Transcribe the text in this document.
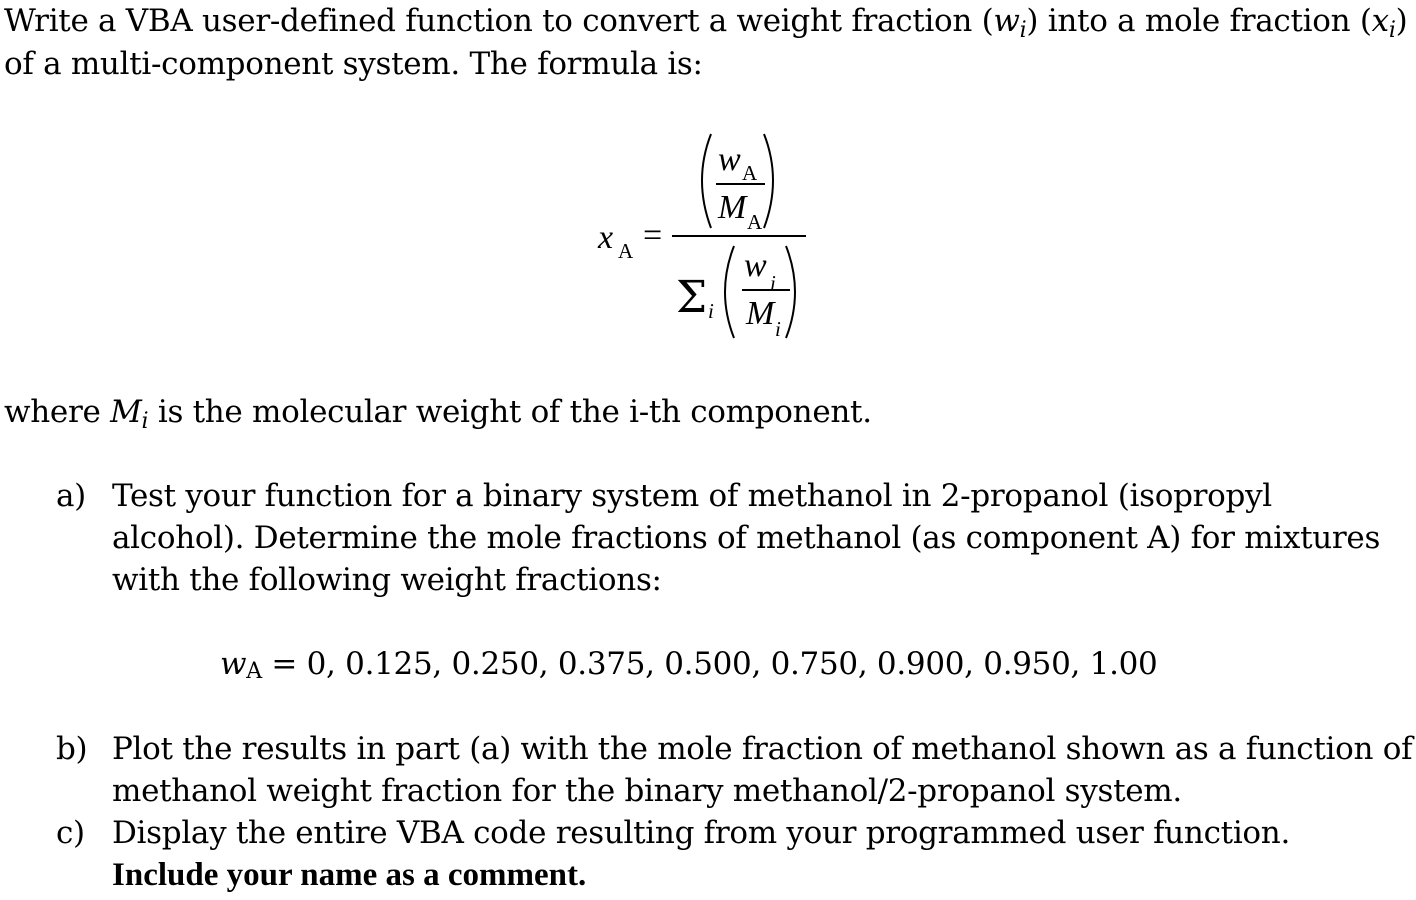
Write a VBA user-defined function to convert a weight fraction (wi) into a mole fraction (xi)
of a multi-component system. The formula is:
x A =
w A
M A
Σ i
w i
M i
where Mi is the molecular weight of the i-th component.
a) Test your function for a binary system of methanol in 2-propanol (isopropyl
alcohol). Determine the mole fractions of methanol (as component A) for mixtures
with the following weight fractions:
wA = 0, 0.125, 0.250, 0.375, 0.500, 0.750, 0.900, 0.950, 1.00
b) Plot the results in part (a) with the mole fraction of methanol shown as a function of
methanol weight fraction for the binary methanol/2-propanol system.
c) Display the entire VBA code resulting from your programmed user function.
Include your name as a comment.
